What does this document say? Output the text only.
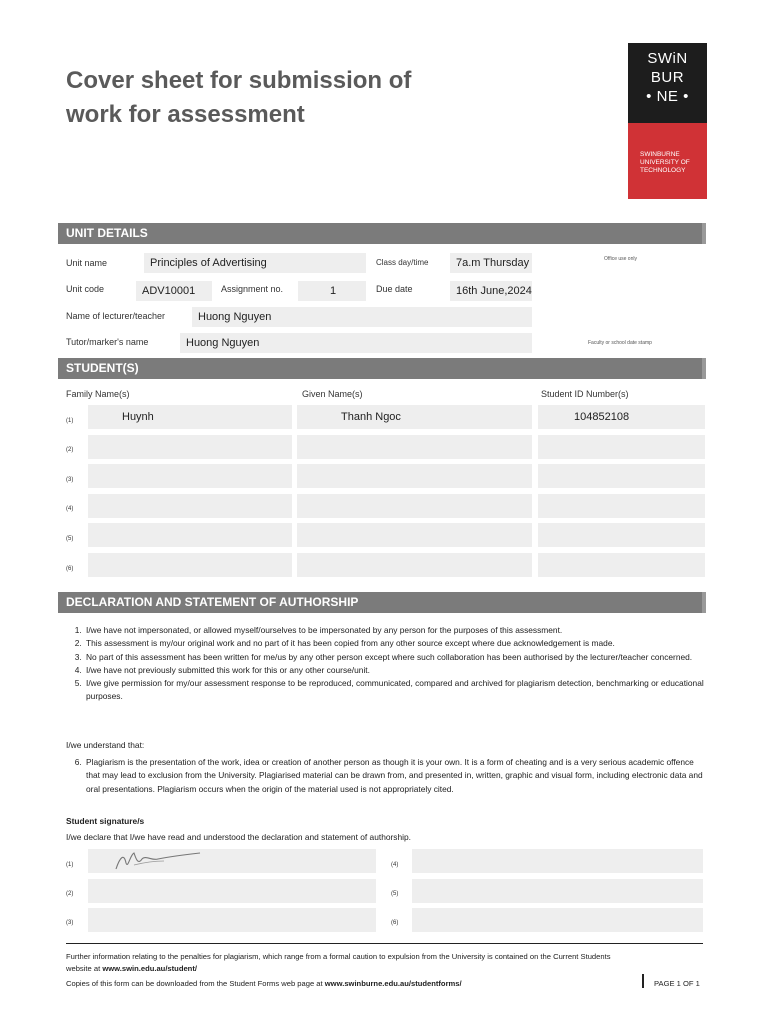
Cover sheet for submission of
work for assessment
SWiN
BUR
• NE •
SWINBURNE
UNIVERSITY OF
TECHNOLOGY
UNIT DETAILS
Unit name	Principles of Advertising	Class day/time	7a.m Thursday	Office use only
Unit code	ADV10001	Assignment no.	1	Due date	16th June,2024
Name of lecturer/teacher	Huong Nguyen
Tutor/marker's name	Huong Nguyen	Faculty or school date stamp
STUDENT(S)
Family Name(s)	Given Name(s)	Student ID Number(s)
(1)	Huynh	Thanh Ngoc	104852108
(2)
(3)
(4)
(5)
(6)
DECLARATION AND STATEMENT OF AUTHORSHIP
1. I/we have not impersonated, or allowed myself/ourselves to be impersonated by any person for the purposes of this assessment.
2. This assessment is my/our original work and no part of it has been copied from any other source except where due acknowledgement is made.
3. No part of this assessment has been written for me/us by any other person except where such collaboration has been authorised by the lecturer/teacher concerned.
4. I/we have not previously submitted this work for this or any other course/unit.
5. I/we give permission for my/our assessment response to be reproduced, communicated, compared and archived for plagiarism detection, benchmarking or educational purposes.
I/we understand that:
6. Plagiarism is the presentation of the work, idea or creation of another person as though it is your own. It is a form of cheating and is a very serious academic offence that may lead to exclusion from the University. Plagiarised material can be drawn from, and presented in, written, graphic and visual form, including electronic data and oral presentations. Plagiarism occurs when the origin of the material used is not appropriately cited.
Student signature/s
I/we declare that I/we have read and understood the declaration and statement of authorship.
(1)	(4)
(2)	(5)
(3)	(6)
Further information relating to the penalties for plagiarism, which range from a formal caution to expulsion from the University is contained on the Current Students
website at www.swin.edu.au/student/
Copies of this form can be downloaded from the Student Forms web page at www.swinburne.edu.au/studentforms/	PAGE 1 OF 1
